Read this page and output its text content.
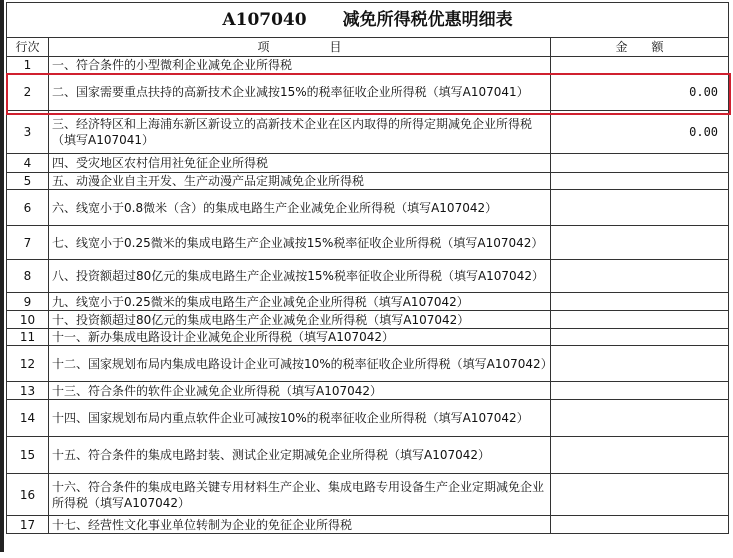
A107040 减免所得税优惠明细表		
行次	项　　　　　目	金　　额
1	一、符合条件的小型微利企业减免企业所得税	
2	二、国家需要重点扶持的高新技术企业减按15%的税率征收企业所得税（填写A107041）	0.00
3	三、经济特区和上海浦东新区新设立的高新技术企业在区内取得的所得定期减免企业所得税（填写A107041）	0.00
4	四、受灾地区农村信用社免征企业所得税	
5	五、动漫企业自主开发、生产动漫产品定期减免企业所得税	
6	六、线宽小于0.8微米（含）的集成电路生产企业减免企业所得税（填写A107042）	
7	七、线宽小于0.25微米的集成电路生产企业减按15%税率征收企业所得税（填写A107042）	
8	八、投资额超过80亿元的集成电路生产企业减按15%税率征收企业所得税（填写A107042）	
9	九、线宽小于0.25微米的集成电路生产企业减免企业所得税（填写A107042）	
10	十、投资额超过80亿元的集成电路生产企业减免企业所得税（填写A107042）	
11	十一、新办集成电路设计企业减免企业所得税（填写A107042）	
12	十二、国家规划布局内集成电路设计企业可减按10%的税率征收企业所得税（填写A107042）	
13	十三、符合条件的软件企业减免企业所得税（填写A107042）	
14	十四、国家规划布局内重点软件企业可减按10%的税率征收企业所得税（填写A107042）	
15	十五、符合条件的集成电路封装、测试企业定期减免企业所得税（填写A107042）	
16	十六、符合条件的集成电路关键专用材料生产企业、集成电路专用设备生产企业定期减免企业所得税（填写A107042）	
17	十七、经营性文化事业单位转制为企业的免征企业所得税	
